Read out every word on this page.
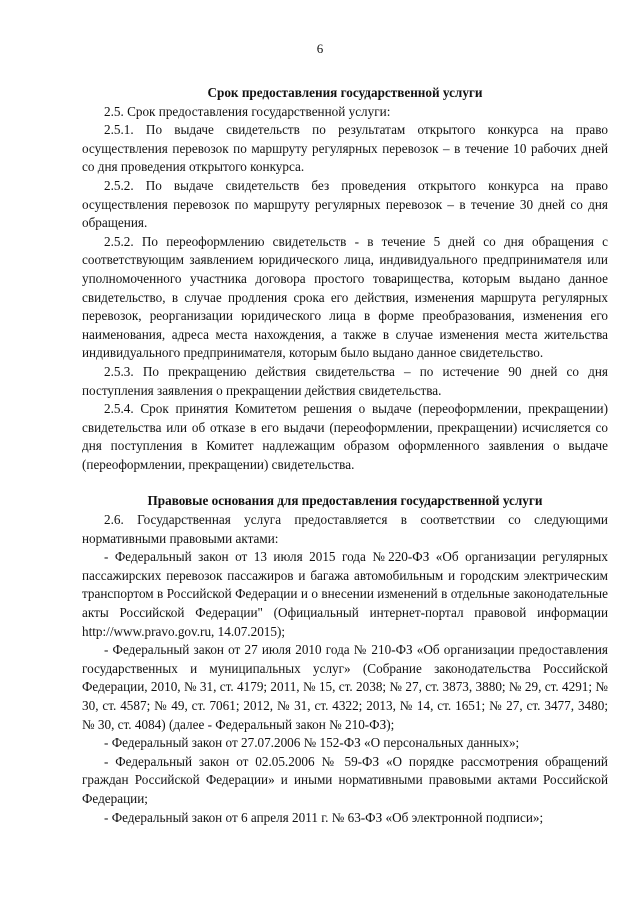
6

Срок предоставления государственной услуги

2.5. Срок предоставления государственной услуги:

2.5.1. По выдаче свидетельств по результатам открытого конкурса на право осуществления перевозок по маршруту регулярных перевозок – в течение 10 рабочих дней со дня проведения открытого конкурса.

2.5.2. По выдаче свидетельств без проведения открытого конкурса на право осуществления перевозок по маршруту регулярных перевозок – в течение 30 дней со дня обращения.

2.5.2. По переоформлению свидетельств - в течение 5 дней со дня обращения с соответствующим заявлением юридического лица, индивидуального предпринимателя или уполномоченного участника договора простого товарищества, которым выдано данное свидетельство, в случае продления срока его действия, изменения маршрута регулярных перевозок, реорганизации юридического лица в форме преобразования, изменения его наименования, адреса места нахождения, а также в случае изменения места жительства индивидуального предпринимателя, которым было выдано данное свидетельство.

2.5.3. По прекращению действия свидетельства – по истечение 90 дней со дня поступления заявления о прекращении действия свидетельства.

2.5.4. Срок принятия Комитетом решения о выдаче (переоформлении, прекращении) свидетельства или об отказе в его выдачи (переоформлении, прекращении) исчисляется со дня поступления в Комитет надлежащим образом оформленного заявления о выдаче (переоформлении, прекращении) свидетельства.

Правовые основания для предоставления государственной услуги

2.6. Государственная услуга предоставляется в соответствии со следующими нормативными правовыми актами:

- Федеральный закон от 13 июля 2015 года №220-ФЗ «Об организации регулярных пассажирских перевозок пассажиров и багажа автомобильным и городским электрическим транспортом в Российской Федерации и о внесении изменений в отдельные законодательные акты Российской Федерации" (Официальный интернет-портал правовой информации http://www.pravo.gov.ru, 14.07.2015);

- Федеральный закон от 27 июля 2010 года № 210-ФЗ «Об организации предоставления государственных и муниципальных услуг» (Собрание законодательства Российской Федерации, 2010, № 31, ст. 4179; 2011, № 15, ст. 2038; № 27, ст. 3873, 3880; № 29, ст. 4291; № 30, ст. 4587; № 49, ст. 7061; 2012, № 31, ст. 4322; 2013, № 14, ст. 1651; № 27, ст. 3477, 3480; № 30, ст. 4084) (далее - Федеральный закон № 210-ФЗ);

- Федеральный закон от 27.07.2006 № 152-ФЗ «О персональных данных»;

- Федеральный закон от 02.05.2006 № 59-ФЗ «О порядке рассмотрения обращений граждан Российской Федерации» и иными нормативными правовыми актами Российской Федерации;

- Федеральный закон от 6 апреля 2011 г. № 63-ФЗ «Об электронной подписи»;
